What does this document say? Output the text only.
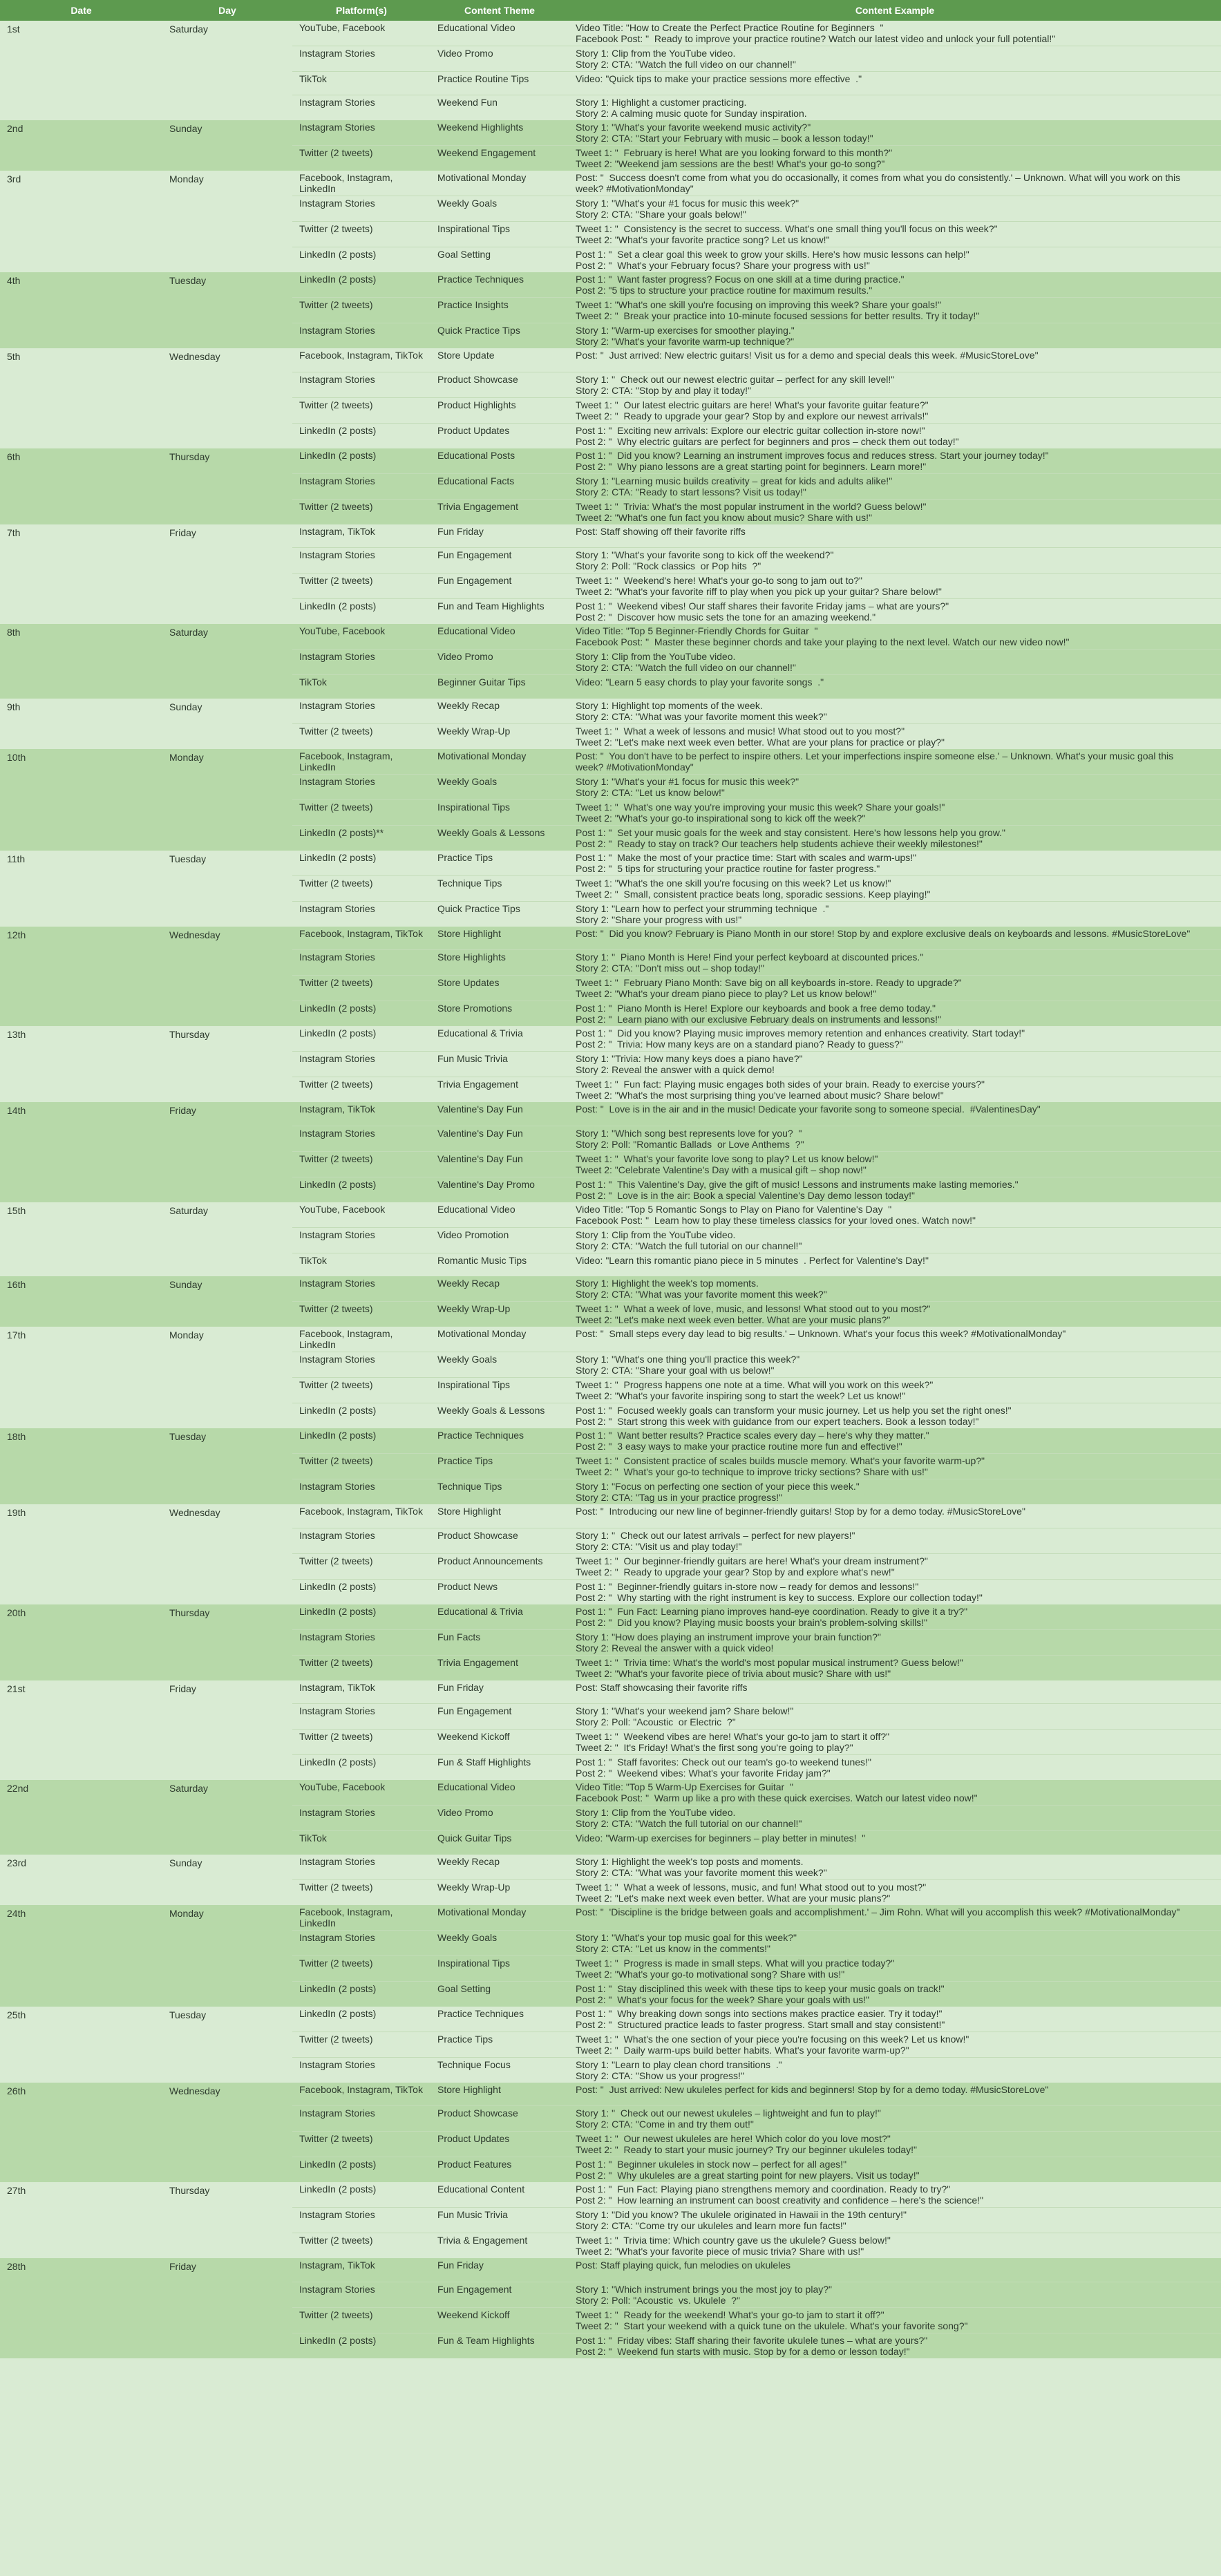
Date	Day	Platform(s)	Content Theme	Content Example
1st	Saturday	YouTube, Facebook	Educational Video	Video Title: "How to Create the Perfect Practice Routine for Beginners  "
Facebook Post: "  Ready to improve your practice routine? Watch our latest video and unlock your full potential!"
		Instagram Stories	Video Promo	Story 1: Clip from the YouTube video.
Story 2: CTA: "Watch the full video on our channel!"
		TikTok	Practice Routine Tips	Video: "Quick tips to make your practice sessions more effective  ."
		Instagram Stories	Weekend Fun	Story 1: Highlight a customer practicing.
Story 2: A calming music quote for Sunday inspiration.
2nd	Sunday	Instagram Stories	Weekend Highlights	Story 1: "What's your favorite weekend music activity?"
Story 2: CTA: "Start your February with music – book a lesson today!"
		Twitter (2 tweets)	Weekend Engagement	Tweet 1: "  February is here! What are you looking forward to this month?"
Tweet 2: "Weekend jam sessions are the best! What's your go-to song?"
3rd	Monday	Facebook, Instagram, LinkedIn	Motivational Monday	Post: "  Success doesn't come from what you do occasionally, it comes from what you do consistently.' – Unknown. What will you work on this
week? #MotivationMonday"
		Instagram Stories	Weekly Goals	Story 1: "What's your #1 focus for music this week?"
Story 2: CTA: "Share your goals below!"
		Twitter (2 tweets)	Inspirational Tips	Tweet 1: "  Consistency is the secret to success. What's one small thing you'll focus on this week?"
Tweet 2: "What's your favorite practice song? Let us know!"
		LinkedIn (2 posts)	Goal Setting	Post 1: "  Set a clear goal this week to grow your skills. Here's how music lessons can help!"
Post 2: "  What's your February focus? Share your progress with us!"
4th	Tuesday	LinkedIn (2 posts)	Practice Techniques	Post 1: "  Want faster progress? Focus on one skill at a time during practice."
Post 2: "5 tips to structure your practice routine for maximum results."
		Twitter (2 tweets)	Practice Insights	Tweet 1: "What's one skill you're focusing on improving this week? Share your goals!"
Tweet 2: "  Break your practice into 10-minute focused sessions for better results. Try it today!"
		Instagram Stories	Quick Practice Tips	Story 1: "Warm-up exercises for smoother playing."
Story 2: "What's your favorite warm-up technique?"
5th	Wednesday	Facebook, Instagram, TikTok	Store Update	Post: "  Just arrived: New electric guitars! Visit us for a demo and special deals this week. #MusicStoreLove"
		Instagram Stories	Product Showcase	Story 1: "  Check out our newest electric guitar – perfect for any skill level!"
Story 2: CTA: "Stop by and play it today!"
		Twitter (2 tweets)	Product Highlights	Tweet 1: "  Our latest electric guitars are here! What's your favorite guitar feature?"
Tweet 2: "  Ready to upgrade your gear? Stop by and explore our newest arrivals!"
		LinkedIn (2 posts)	Product Updates	Post 1: "  Exciting new arrivals: Explore our electric guitar collection in-store now!"
Post 2: "  Why electric guitars are perfect for beginners and pros – check them out today!"
6th	Thursday	LinkedIn (2 posts)	Educational Posts	Post 1: "  Did you know? Learning an instrument improves focus and reduces stress. Start your journey today!"
Post 2: "  Why piano lessons are a great starting point for beginners. Learn more!"
		Instagram Stories	Educational Facts	Story 1: "Learning music builds creativity – great for kids and adults alike!"
Story 2: CTA: "Ready to start lessons? Visit us today!"
		Twitter (2 tweets)	Trivia Engagement	Tweet 1: "  Trivia: What's the most popular instrument in the world? Guess below!"
Tweet 2: "What's one fun fact you know about music? Share with us!"
7th	Friday	Instagram, TikTok	Fun Friday	Post: Staff showing off their favorite riffs
		Instagram Stories	Fun Engagement	Story 1: "What's your favorite song to kick off the weekend?"
Story 2: Poll: "Rock classics  or Pop hits  ?"
		Twitter (2 tweets)	Fun Engagement	Tweet 1: "  Weekend's here! What's your go-to song to jam out to?"
Tweet 2: "What's your favorite riff to play when you pick up your guitar? Share below!"
		LinkedIn (2 posts)	Fun and Team Highlights	Post 1: "  Weekend vibes! Our staff shares their favorite Friday jams – what are yours?"
Post 2: "  Discover how music sets the tone for an amazing weekend."
8th	Saturday	YouTube, Facebook	Educational Video	Video Title: "Top 5 Beginner-Friendly Chords for Guitar  "
Facebook Post: "  Master these beginner chords and take your playing to the next level. Watch our new video now!"
		Instagram Stories	Video Promo	Story 1: Clip from the YouTube video.
Story 2: CTA: "Watch the full video on our channel!"
		TikTok	Beginner Guitar Tips	Video: "Learn 5 easy chords to play your favorite songs  ."
9th	Sunday	Instagram Stories	Weekly Recap	Story 1: Highlight top moments of the week.
Story 2: CTA: "What was your favorite moment this week?"
		Twitter (2 tweets)	Weekly Wrap-Up	Tweet 1: "  What a week of lessons and music! What stood out to you most?"
Tweet 2: "Let's make next week even better. What are your plans for practice or play?"
10th	Monday	Facebook, Instagram, LinkedIn	Motivational Monday	Post: "  You don't have to be perfect to inspire others. Let your imperfections inspire someone else.' – Unknown. What's your music goal this
week? #MotivationMonday"
		Instagram Stories	Weekly Goals	Story 1: "What's your #1 focus for music this week?"
Story 2: CTA: "Let us know below!"
		Twitter (2 tweets)	Inspirational Tips	Tweet 1: "  What's one way you're improving your music this week? Share your goals!"
Tweet 2: "What's your go-to inspirational song to kick off the week?"
		LinkedIn (2 posts)**	Weekly Goals & Lessons	Post 1: "  Set your music goals for the week and stay consistent. Here's how lessons help you grow."
Post 2: "  Ready to stay on track? Our teachers help students achieve their weekly milestones!"
11th	Tuesday	LinkedIn (2 posts)	Practice Tips	Post 1: "  Make the most of your practice time: Start with scales and warm-ups!"
Post 2: "  5 tips for structuring your practice routine for faster progress."
		Twitter (2 tweets)	Technique Tips	Tweet 1: "What's the one skill you're focusing on this week? Let us know!"
Tweet 2: "  Small, consistent practice beats long, sporadic sessions. Keep playing!"
		Instagram Stories	Quick Practice Tips	Story 1: "Learn how to perfect your strumming technique  ."
Story 2: "Share your progress with us!"
12th	Wednesday	Facebook, Instagram, TikTok	Store Highlight	Post: "  Did you know? February is Piano Month in our store! Stop by and explore exclusive deals on keyboards and lessons. #MusicStoreLove"
		Instagram Stories	Store Highlights	Story 1: "  Piano Month is Here! Find your perfect keyboard at discounted prices."
Story 2: CTA: "Don't miss out – shop today!"
		Twitter (2 tweets)	Store Updates	Tweet 1: "  February Piano Month: Save big on all keyboards in-store. Ready to upgrade?"
Tweet 2: "What's your dream piano piece to play? Let us know below!"
		LinkedIn (2 posts)	Store Promotions	Post 1: "  Piano Month is Here! Explore our keyboards and book a free demo today."
Post 2: "  Learn piano with our exclusive February deals on instruments and lessons!"
13th	Thursday	LinkedIn (2 posts)	Educational & Trivia	Post 1: "  Did you know? Playing music improves memory retention and enhances creativity. Start today!"
Post 2: "  Trivia: How many keys are on a standard piano? Ready to guess?"
		Instagram Stories	Fun Music Trivia	Story 1: "Trivia: How many keys does a piano have?"
Story 2: Reveal the answer with a quick demo!
		Twitter (2 tweets)	Trivia Engagement	Tweet 1: "  Fun fact: Playing music engages both sides of your brain. Ready to exercise yours?"
Tweet 2: "What's the most surprising thing you've learned about music? Share below!"
14th	Friday	Instagram, TikTok	Valentine's Day Fun	Post: "  Love is in the air and in the music! Dedicate your favorite song to someone special.  #ValentinesDay"
		Instagram Stories	Valentine's Day Fun	Story 1: "Which song best represents love for you?  "
Story 2: Poll: "Romantic Ballads  or Love Anthems  ?"
		Twitter (2 tweets)	Valentine's Day Fun	Tweet 1: "  What's your favorite love song to play? Let us know below!"
Tweet 2: "Celebrate Valentine's Day with a musical gift – shop now!"
		LinkedIn (2 posts)	Valentine's Day Promo	Post 1: "  This Valentine's Day, give the gift of music! Lessons and instruments make lasting memories."
Post 2: "  Love is in the air: Book a special Valentine's Day demo lesson today!"
15th	Saturday	YouTube, Facebook	Educational Video	Video Title: "Top 5 Romantic Songs to Play on Piano for Valentine's Day  "
Facebook Post: "  Learn how to play these timeless classics for your loved ones. Watch now!"
		Instagram Stories	Video Promotion	Story 1: Clip from the YouTube video.
Story 2: CTA: "Watch the full tutorial on our channel!"
		TikTok	Romantic Music Tips	Video: "Learn this romantic piano piece in 5 minutes  . Perfect for Valentine's Day!"
16th	Sunday	Instagram Stories	Weekly Recap	Story 1: Highlight the week's top moments.
Story 2: CTA: "What was your favorite moment this week?"
		Twitter (2 tweets)	Weekly Wrap-Up	Tweet 1: "  What a week of love, music, and lessons! What stood out to you most?"
Tweet 2: "Let's make next week even better. What are your music plans?"
17th	Monday	Facebook, Instagram, LinkedIn	Motivational Monday	Post: "  Small steps every day lead to big results.' – Unknown. What's your focus this week? #MotivationalMonday"
		Instagram Stories	Weekly Goals	Story 1: "What's one thing you'll practice this week?"
Story 2: CTA: "Share your goal with us below!"
		Twitter (2 tweets)	Inspirational Tips	Tweet 1: "  Progress happens one note at a time. What will you work on this week?"
Tweet 2: "What's your favorite inspiring song to start the week? Let us know!"
		LinkedIn (2 posts)	Weekly Goals & Lessons	Post 1: "  Focused weekly goals can transform your music journey. Let us help you set the right ones!"
Post 2: "  Start strong this week with guidance from our expert teachers. Book a lesson today!"
18th	Tuesday	LinkedIn (2 posts)	Practice Techniques	Post 1: "  Want better results? Practice scales every day – here's why they matter."
Post 2: "  3 easy ways to make your practice routine more fun and effective!"
		Twitter (2 tweets)	Practice Tips	Tweet 1: "  Consistent practice of scales builds muscle memory. What's your favorite warm-up?"
Tweet 2: "  What's your go-to technique to improve tricky sections? Share with us!"
		Instagram Stories	Technique Tips	Story 1: "Focus on perfecting one section of your piece this week."
Story 2: CTA: "Tag us in your practice progress!"
19th	Wednesday	Facebook, Instagram, TikTok	Store Highlight	Post: "  Introducing our new line of beginner-friendly guitars! Stop by for a demo today. #MusicStoreLove"
		Instagram Stories	Product Showcase	Story 1: "  Check out our latest arrivals – perfect for new players!"
Story 2: CTA: "Visit us and play today!"
		Twitter (2 tweets)	Product Announcements	Tweet 1: "  Our beginner-friendly guitars are here! What's your dream instrument?"
Tweet 2: "  Ready to upgrade your gear? Stop by and explore what's new!"
		LinkedIn (2 posts)	Product News	Post 1: "  Beginner-friendly guitars in-store now – ready for demos and lessons!"
Post 2: "  Why starting with the right instrument is key to success. Explore our collection today!"
20th	Thursday	LinkedIn (2 posts)	Educational & Trivia	Post 1: "  Fun Fact: Learning piano improves hand-eye coordination. Ready to give it a try?"
Post 2: "  Did you know? Playing music boosts your brain's problem-solving skills!"
		Instagram Stories	Fun Facts	Story 1: "How does playing an instrument improve your brain function?"
Story 2: Reveal the answer with a quick video!
		Twitter (2 tweets)	Trivia Engagement	Tweet 1: "  Trivia time: What's the world's most popular musical instrument? Guess below!"
Tweet 2: "What's your favorite piece of trivia about music? Share with us!"
21st	Friday	Instagram, TikTok	Fun Friday	Post: Staff showcasing their favorite riffs
		Instagram Stories	Fun Engagement	Story 1: "What's your weekend jam? Share below!"
Story 2: Poll: "Acoustic  or Electric  ?"
		Twitter (2 tweets)	Weekend Kickoff	Tweet 1: "  Weekend vibes are here! What's your go-to jam to start it off?"
Tweet 2: "  It's Friday! What's the first song you're going to play?"
		LinkedIn (2 posts)	Fun & Staff Highlights	Post 1: "  Staff favorites: Check out our team's go-to weekend tunes!"
Post 2: "  Weekend vibes: What's your favorite Friday jam?"
22nd	Saturday	YouTube, Facebook	Educational Video	Video Title: "Top 5 Warm-Up Exercises for Guitar  "
Facebook Post: "  Warm up like a pro with these quick exercises. Watch our latest video now!"
		Instagram Stories	Video Promo	Story 1: Clip from the YouTube video.
Story 2: CTA: "Watch the full tutorial on our channel!"
		TikTok	Quick Guitar Tips	Video: "Warm-up exercises for beginners – play better in minutes!  "
23rd	Sunday	Instagram Stories	Weekly Recap	Story 1: Highlight the week's top posts and moments.
Story 2: CTA: "What was your favorite moment this week?"
		Twitter (2 tweets)	Weekly Wrap-Up	Tweet 1: "  What a week of lessons, music, and fun! What stood out to you most?"
Tweet 2: "Let's make next week even better. What are your music plans?"
24th	Monday	Facebook, Instagram, LinkedIn	Motivational Monday	Post: "  'Discipline is the bridge between goals and accomplishment.' – Jim Rohn. What will you accomplish this week? #MotivationalMonday"
		Instagram Stories	Weekly Goals	Story 1: "What's your top music goal for this week?"
Story 2: CTA: "Let us know in the comments!"
		Twitter (2 tweets)	Inspirational Tips	Tweet 1: "  Progress is made in small steps. What will you practice today?"
Tweet 2: "What's your go-to motivational song? Share with us!"
		LinkedIn (2 posts)	Goal Setting	Post 1: "  Stay disciplined this week with these tips to keep your music goals on track!"
Post 2: "  What's your focus for the week? Share your goals with us!"
25th	Tuesday	LinkedIn (2 posts)	Practice Techniques	Post 1: "  Why breaking down songs into sections makes practice easier. Try it today!"
Post 2: "  Structured practice leads to faster progress. Start small and stay consistent!"
		Twitter (2 tweets)	Practice Tips	Tweet 1: "  What's the one section of your piece you're focusing on this week? Let us know!"
Tweet 2: "  Daily warm-ups build better habits. What's your favorite warm-up?"
		Instagram Stories	Technique Focus	Story 1: "Learn to play clean chord transitions  ."
Story 2: CTA: "Show us your progress!"
26th	Wednesday	Facebook, Instagram, TikTok	Store Highlight	Post: "  Just arrived: New ukuleles perfect for kids and beginners! Stop by for a demo today. #MusicStoreLove"
		Instagram Stories	Product Showcase	Story 1: "  Check out our newest ukuleles – lightweight and fun to play!"
Story 2: CTA: "Come in and try them out!"
		Twitter (2 tweets)	Product Updates	Tweet 1: "  Our newest ukuleles are here! Which color do you love most?"
Tweet 2: "  Ready to start your music journey? Try our beginner ukuleles today!"
		LinkedIn (2 posts)	Product Features	Post 1: "  Beginner ukuleles in stock now – perfect for all ages!"
Post 2: "  Why ukuleles are a great starting point for new players. Visit us today!"
27th	Thursday	LinkedIn (2 posts)	Educational Content	Post 1: "  Fun Fact: Playing piano strengthens memory and coordination. Ready to try?"
Post 2: "  How learning an instrument can boost creativity and confidence – here's the science!"
		Instagram Stories	Fun Music Trivia	Story 1: "Did you know? The ukulele originated in Hawaii in the 19th century!"
Story 2: CTA: "Come try our ukuleles and learn more fun facts!"
		Twitter (2 tweets)	Trivia & Engagement	Tweet 1: "  Trivia time: Which country gave us the ukulele? Guess below!"
Tweet 2: "What's your favorite piece of music trivia? Share with us!"
28th	Friday	Instagram, TikTok	Fun Friday	Post: Staff playing quick, fun melodies on ukuleles
		Instagram Stories	Fun Engagement	Story 1: "Which instrument brings you the most joy to play?"
Story 2: Poll: "Acoustic  vs. Ukulele  ?"
		Twitter (2 tweets)	Weekend Kickoff	Tweet 1: "  Ready for the weekend! What's your go-to jam to start it off?"
Tweet 2: "  Start your weekend with a quick tune on the ukulele. What's your favorite song?"
		LinkedIn (2 posts)	Fun & Team Highlights	Post 1: "  Friday vibes: Staff sharing their favorite ukulele tunes – what are yours?"
Post 2: "  Weekend fun starts with music. Stop by for a demo or lesson today!"
